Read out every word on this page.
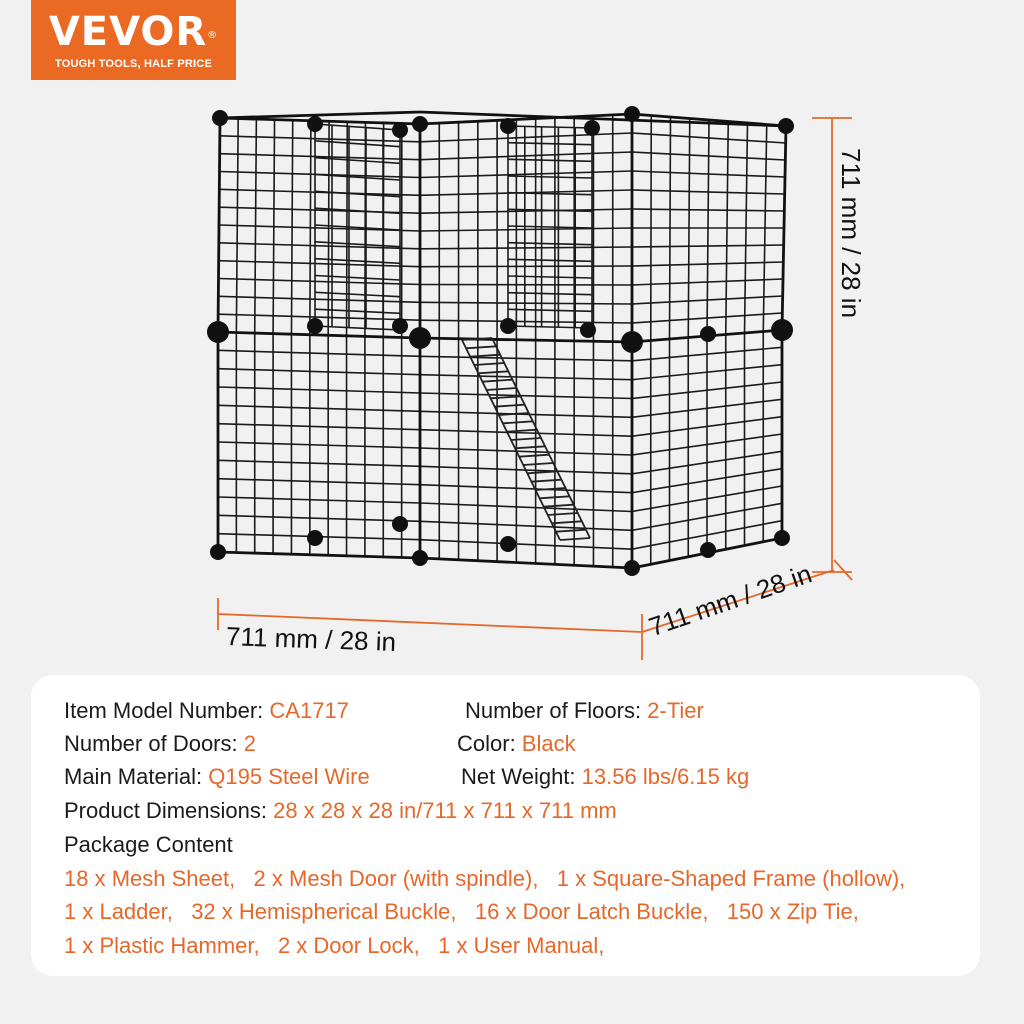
VEVOR®
TOUGH TOOLS, HALF PRICE
711 mm / 28 in
711 mm / 28 in	711 mm / 28 in
Item Model Number: CA1717	Number of Floors: 2-Tier
Number of Doors: 2	Color: Black
Main Material: Q195 Steel Wire	Net Weight: 13.56 lbs/6.15 kg
Product Dimensions: 28 x 28 x 28 in/711 x 711 x 711 mm
Package Content
18 x Mesh Sheet,   2 x Mesh Door (with spindle),   1 x Square-Shaped Frame (hollow),
1 x Ladder,   32 x Hemispherical Buckle,   16 x Door Latch Buckle,   150 x Zip Tie,
1 x Plastic Hammer,   2 x Door Lock,   1 x User Manual,
